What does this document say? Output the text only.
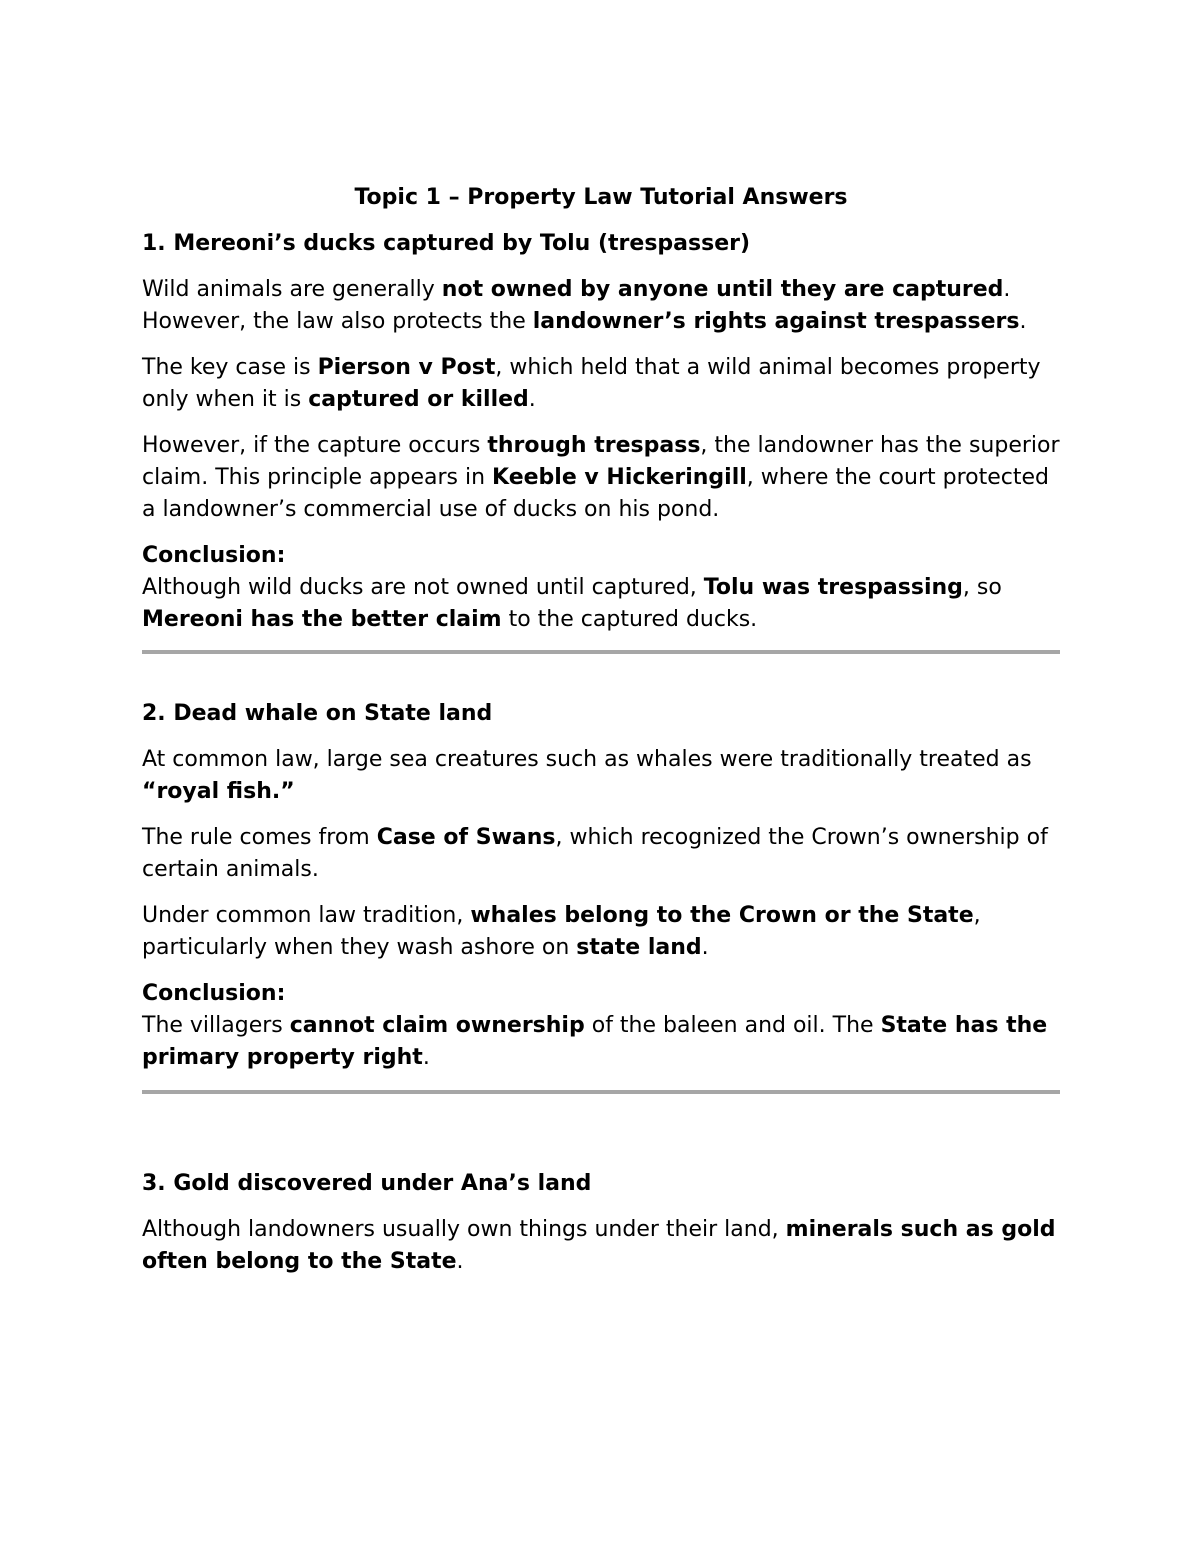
Topic 1 – Property Law Tutorial Answers
1. Mereoni’s ducks captured by Tolu (trespasser)

Wild animals are generally not owned by anyone until they are captured. However, the law also protects the landowner’s rights against trespassers.

The key case is Pierson v Post, which held that a wild animal becomes property only when it is captured or killed.

However, if the capture occurs through trespass, the landowner has the superior claim. This principle appears in Keeble v Hickeringill, where the court protected a landowner’s commercial use of ducks on his pond.

Conclusion:
Although wild ducks are not owned until captured, Tolu was trespassing, so Mereoni has the better claim to the captured ducks.
2. Dead whale on State land

At common law, large sea creatures such as whales were traditionally treated as “royal fish.”

The rule comes from Case of Swans, which recognized the Crown’s ownership of certain animals.

Under common law tradition, whales belong to the Crown or the State, particularly when they wash ashore on state land.

Conclusion:
The villagers cannot claim ownership of the baleen and oil. The State has the primary property right.
3. Gold discovered under Ana’s land

Although landowners usually own things under their land, minerals such as gold often belong to the State.
